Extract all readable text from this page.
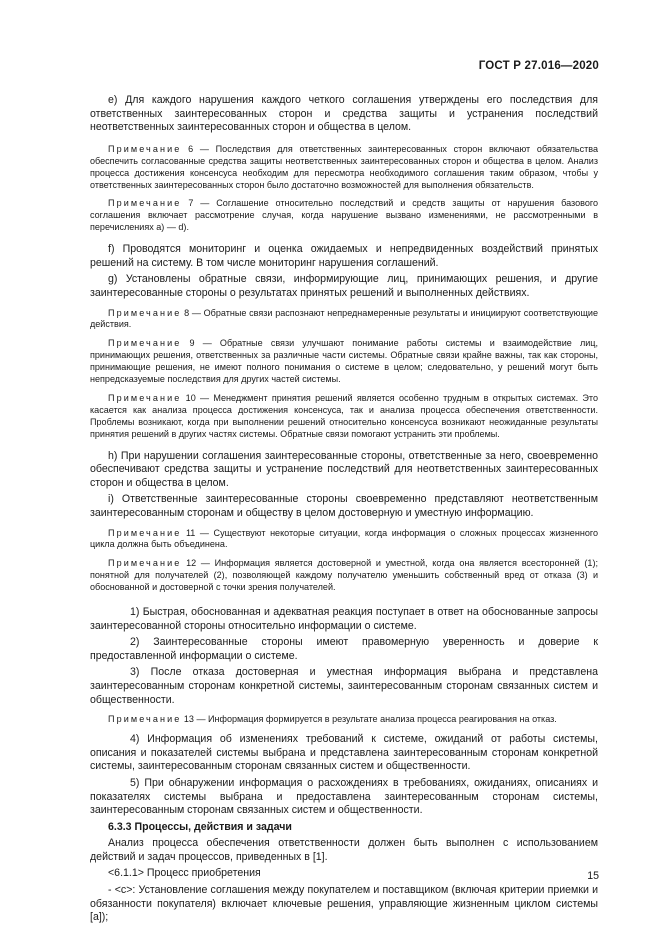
ГОСТ Р 27.016—2020

е) Для каждого нарушения каждого четкого соглашения утверждены его последствия для ответственных заинтересованных сторон и средства защиты и устранения последствий неответственных заинтересованных сторон и общества в целом.

Примечание 6 — Последствия для ответственных заинтересованных сторон включают обязательства обеспечить согласованные средства защиты неответственных заинтересованных сторон и общества в целом. Анализ процесса достижения консенсуса необходим для пересмотра необходимого соглашения таким образом, чтобы у ответственных заинтересованных сторон было достаточно возможностей для выполнения обязательств.

Примечание 7 — Соглашение относительно последствий и средств защиты от нарушения базового соглашения включает рассмотрение случая, когда нарушение вызвано изменениями, не рассмотренными в перечислениях а) — d).

f) Проводятся мониторинг и оценка ожидаемых и непредвиденных воздействий принятых решений на систему. В том числе мониторинг нарушения соглашений.

g) Установлены обратные связи, информирующие лиц, принимающих решения, и другие заинтересованные стороны о результатах принятых решений и выполненных действиях.

Примечание 8 — Обратные связи распознают непреднамеренные результаты и инициируют соответствующие действия.

Примечание 9 — Обратные связи улучшают понимание работы системы и взаимодействие лиц, принимающих решения, ответственных за различные части системы. Обратные связи крайне важны, так как стороны, принимающие решения, не имеют полного понимания о системе в целом; следовательно, у решений могут быть непредсказуемые последствия для других частей системы.

Примечание 10 — Менеджмент принятия решений является особенно трудным в открытых системах. Это касается как анализа процесса достижения консенсуса, так и анализа процесса обеспечения ответственности. Проблемы возникают, когда при выполнении решений относительно консенсуса возникают неожиданные результаты принятия решений в других частях системы. Обратные связи помогают устранить эти проблемы.

h) При нарушении соглашения заинтересованные стороны, ответственные за него, своевременно обеспечивают средства защиты и устранение последствий для неответственных заинтересованных сторон и общества в целом.

i) Ответственные заинтересованные стороны своевременно представляют неответственным заинтересованным сторонам и обществу в целом достоверную и уместную информацию.

Примечание 11 — Существуют некоторые ситуации, когда информация о сложных процессах жизненного цикла должна быть объединена.

Примечание 12 — Информация является достоверной и уместной, когда она является всесторонней (1); понятной для получателей (2), позволяющей каждому получателю уменьшить собственный вред от отказа (3) и обоснованной и достоверной с точки зрения получателей.

1) Быстрая, обоснованная и адекватная реакция поступает в ответ на обоснованные запросы заинтересованной стороны относительно информации о системе.

2) Заинтересованные стороны имеют правомерную уверенность и доверие к предоставленной информации о системе.

3) После отказа достоверная и уместная информация выбрана и представлена заинтересованным сторонам конкретной системы, заинтересованным сторонам связанных систем и общественности.

Примечание 13 — Информация формируется в результате анализа процесса реагирования на отказ.

4) Информация об изменениях требований к системе, ожиданий от работы системы, описания и показателей системы выбрана и представлена заинтересованным сторонам конкретной системы, заинтересованным сторонам связанных систем и общественности.

5) При обнаружении информация о расхождениях в требованиях, ожиданиях, описаниях и показателях системы выбрана и предоставлена заинтересованным сторонам системы, заинтересованным сторонам связанных систем и общественности.

6.3.3 Процессы, действия и задачи

Анализ процесса обеспечения ответственности должен быть выполнен с использованием действий и задач процессов, приведенных в [1].

<6.1.1> Процесс приобретения

- <c>: Установление соглашения между покупателем и поставщиком (включая критерии приемки и обязанности покупателя) включает ключевые решения, управляющие жизненным циклом системы [a]);

15
